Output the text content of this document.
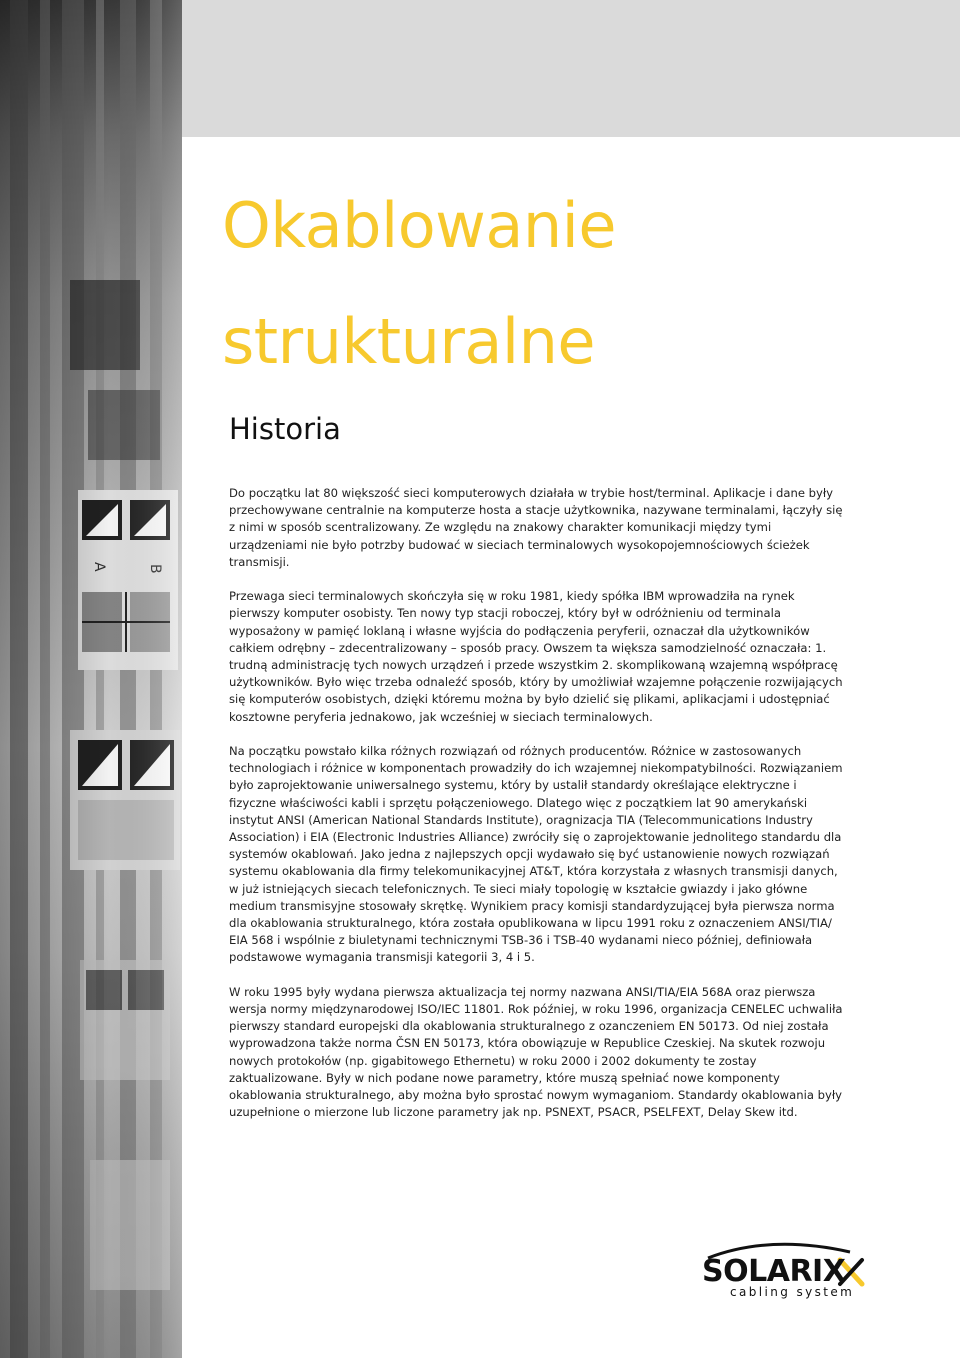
Okablowanie
strukturalne
Historia

Do początku lat 80 większość sieci komputerowych działała w trybie host/terminal. Aplikacje i dane były przechowywane centralnie na komputerze hosta a stacje użytkownika, nazywane terminalami, łączyły się z nimi w sposób scentralizowany. Ze względu na znakowy charakter komunikacji między tymi urządzeniami nie było potrzby budować w sieciach terminalowych wysokopojemnościowych ścieżek transmisji.

Przewaga sieci terminalowych skończyła się w roku 1981, kiedy spółka IBM wprowadziła na rynek pierwszy komputer osobisty. Ten nowy typ stacji roboczej, który był w odróżnieniu od terminala wyposażony w pamięć loklaną i własne wyjścia do podłączenia peryferii, oznaczał dla użytkowników całkiem odrębny – zdecentralizowany – sposób pracy. Owszem ta większa samodzielność oznaczała: 1. trudną administrację tych nowych urządzeń i przede wszystkim 2. skomplikowaną wzajemną współpracę użytkowników. Było więc trzeba odnaleźć sposób, który by umożliwiał wzajemne połączenie rozwijających się komputerów osobistych, dzięki któremu można by było dzielić się plikami, aplikacjami i udostępniać kosztowne peryferia jednakowo, jak wcześniej w sieciach terminalowych.

Na początku powstało kilka różnych rozwiązań od różnych producentów. Różnice w zastosowanych technologiach i różnice w komponentach prowadziły do ich wzajemnej niekompatybilności. Rozwiązaniem było zaprojektowanie uniwersalnego systemu, który by ustalił standardy określające elektryczne i fizyczne właściwości kabli i sprzętu połączeniowego. Dlatego więc z początkiem lat 90 amerykański instytut ANSI (American National Standards Institute), oragnizacja TIA (Telecommunications Industry Association) i EIA (Electronic Industries Alliance) zwróciły się o zaprojektowanie jednolitego standardu dla systemów okablowań. Jako jedna z najlepszych opcji wydawało się być ustanowienie nowych rozwiązań systemu okablowania dla firmy telekomunikacyjnej AT&T, która korzystała z własnych transmisji danych, w już istniejących siecach telefonicznych. Te sieci miały topologię w kształcie gwiazdy i jako główne medium transmisyjne stosowały skrętkę. Wynikiem pracy komisji standardyzującej była pierwsza norma dla okablowania strukturalnego, która została opublikowana w lipcu 1991 roku z oznaczeniem ANSI/TIA/ EIA 568 i wspólnie z biuletynami technicznymi TSB-36 i TSB-40 wydanami nieco później, definiowała podstawowe wymagania transmisji kategorii 3, 4 i 5.

W roku 1995 były wydana pierwsza aktualizacja tej normy nazwana ANSI/TIA/EIA 568A oraz pierwsza wersja normy międzynarodowej ISO/IEC 11801. Rok później, w roku 1996, organizacja CENELEC uchwaliła pierwszy standard europejski dla okablowania strukturalnego z ozanczeniem EN 50173. Od niej została wyprowadzona także norma ČSN EN 50173, która obowiązuje w Republice Czeskiej. Na skutek rozwoju nowych protokołów (np. gigabitowego Ethernetu) w roku 2000 i 2002 dokumenty te zostay zaktualizowane. Były w nich podane nowe parametry, które muszą spełniać nowe komponenty okablowania strukturalnego, aby można było sprostać nowym wymaganiom. Standardy okablowania były uzupełnione o mierzone lub liczone parametry jak np. PSNEXT, PSACR, PSELFEXT, Delay Skew itd.

SOLARIX
cabling system
